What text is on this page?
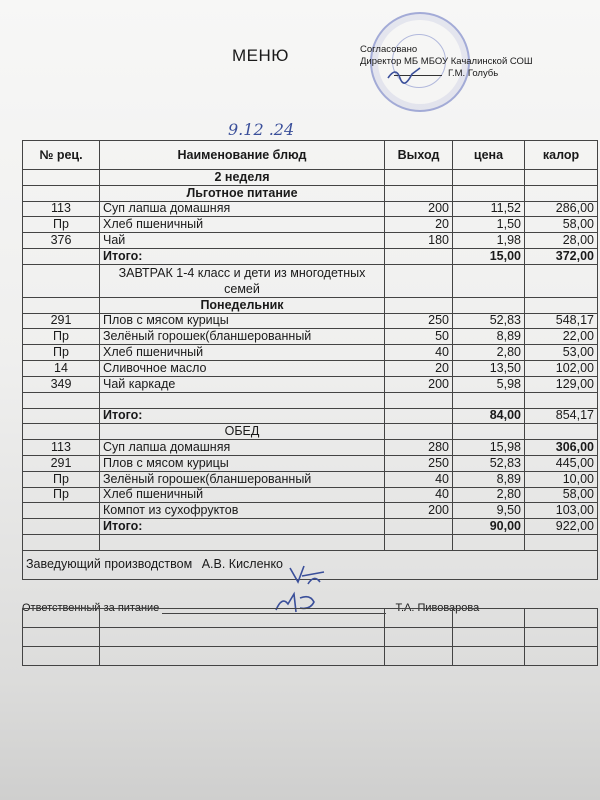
МЕНЮ	Согласовано
Директор МБ МБОУ Качалинской СОШ
Г.М. Голубь
9.12 .24
№ рец.	Наименование блюд	Выход	цена	калор
	2 неделя			
	Льготное питание			
113	Суп лапша домашняя	200	11,52	286,00
Пр	Хлеб пшеничный	20	1,50	58,00
376	Чай	180	1,98	28,00
	Итого:		15,00	372,00
	ЗАВТРАК 1-4 класс и дети из многодетных семей			
	Понедельник			
291	Плов с мясом курицы	250	52,83	548,17
Пр	Зелёный горошек(бланшерованный	50	8,89	22,00
Пр	Хлеб пшеничный	40	2,80	53,00
14	Сливочное масло	20	13,50	102,00
349	Чай каркаде	200	5,98	129,00

	Итого:		84,00	854,17
	ОБЕД			
113	Суп лапша домашняя	280	15,98	306,00
291	Плов с мясом курицы	250	52,83	445,00
Пр	Зелёный горошек(бланшерованный	40	8,89	10,00
Пр	Хлеб пшеничный	40	2,80	58,00
	Компот из сухофруктов	200	9,50	103,00
	Итого:		90,00	922,00

Заведующий производством А.В. Кисленко				
Ответственный за питание	Т.А. Пивоварова
